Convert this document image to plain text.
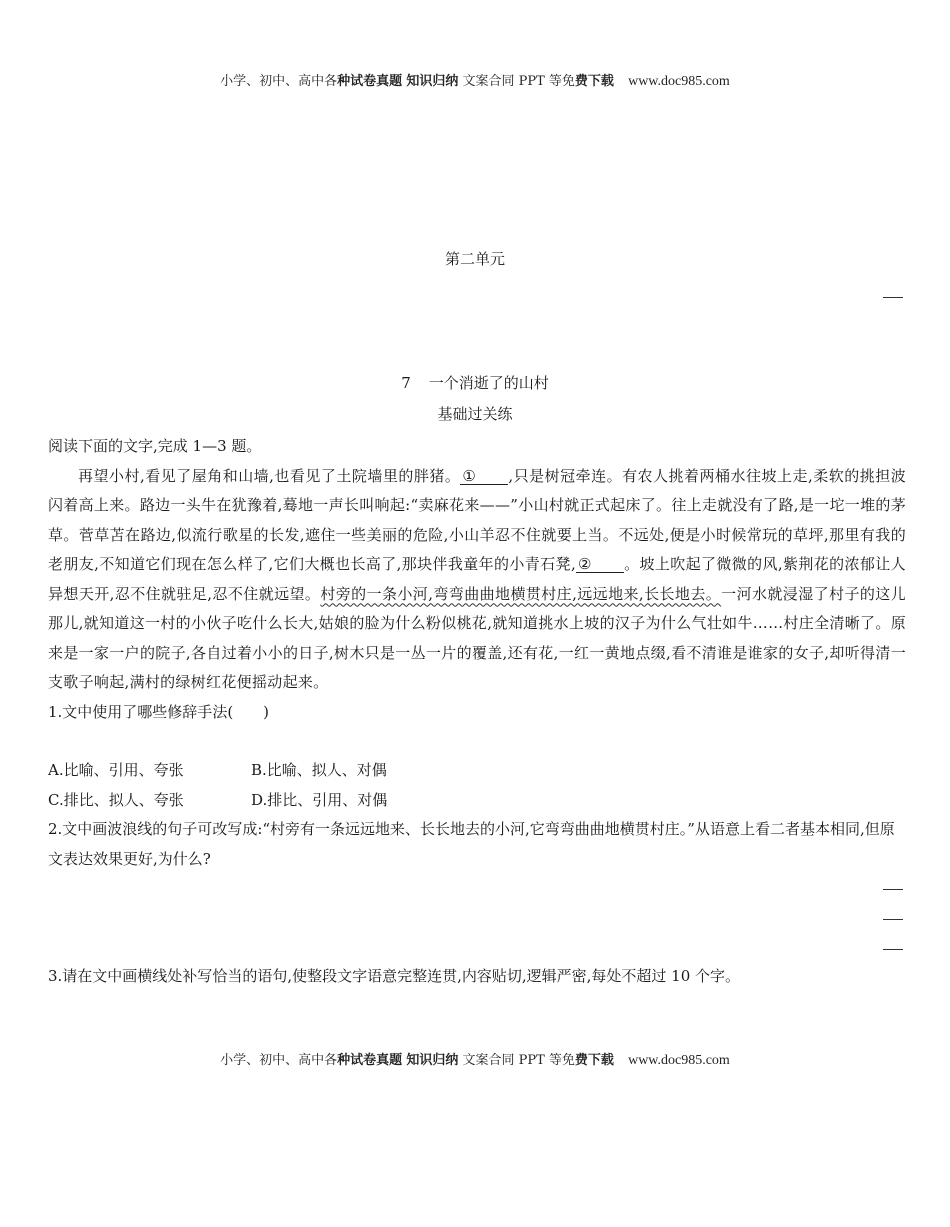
小学、初中、高中各种试卷真题 知识归纳 文案合同 PPT 等免费下载 www.doc985.com
第二单元
7 一个消逝了的山村
基础过关练

阅读下面的文字,完成 1—3 题。

再望小村,看见了屋角和山墙,也看见了土院墙里的胖猪。 ① ,只是树冠牵连。有农人挑着两桶水往坡上走,柔软的挑担波闪着高上来。路边一头牛在犹豫着,蓦地一声长叫响起:“卖麻花来——”小山村就正式起床了。往上走就没有了路,是一坨一堆的茅草。菅草苫在路边,似流行歌星的长发,遮住一些美丽的危险,小山羊忍不住就要上当。不远处,便是小时候常玩的草坪,那里有我的老朋友,不知道它们现在怎么样了,它们大概也长高了,那块伴我童年的小青石凳, ② 。坡上吹起了微微的风,紫荆花的浓郁让人异想天开,忍不住就驻足,忍不住就远望。村旁的一条小河,弯弯曲曲地横贯村庄,远远地来,长长地去。一河水就浸湿了村子的这儿那儿,就知道这一村的小伙子吃什么长大,姑娘的脸为什么粉似桃花,就知道挑水上坡的汉子为什么气壮如牛……村庄全清晰了。原来是一家一户的院子,各自过着小小的日子,树木只是一丛一片的覆盖,还有花,一红一黄地点缀,看不清谁是谁家的女子,却听得清一支歌子响起,满村的绿树红花便摇动起来。

1.文中使用了哪些修辞手法(　　)

A.比喻、引用、夸张	B.比喻、拟人、对偶
C.排比、拟人、夸张	D.排比、引用、对偶

2.文中画波浪线的句子可改写成:“村旁有一条远远地来、长长地去的小河,它弯弯曲曲地横贯村庄。”从语意上看二者基本相同,但原文表达效果更好,为什么?

3.请在文中画横线处补写恰当的语句,使整段文字语意完整连贯,内容贴切,逻辑严密,每处不超过 10 个字。

小学、初中、高中各种试卷真题 知识归纳 文案合同 PPT 等免费下载 www.doc985.com
